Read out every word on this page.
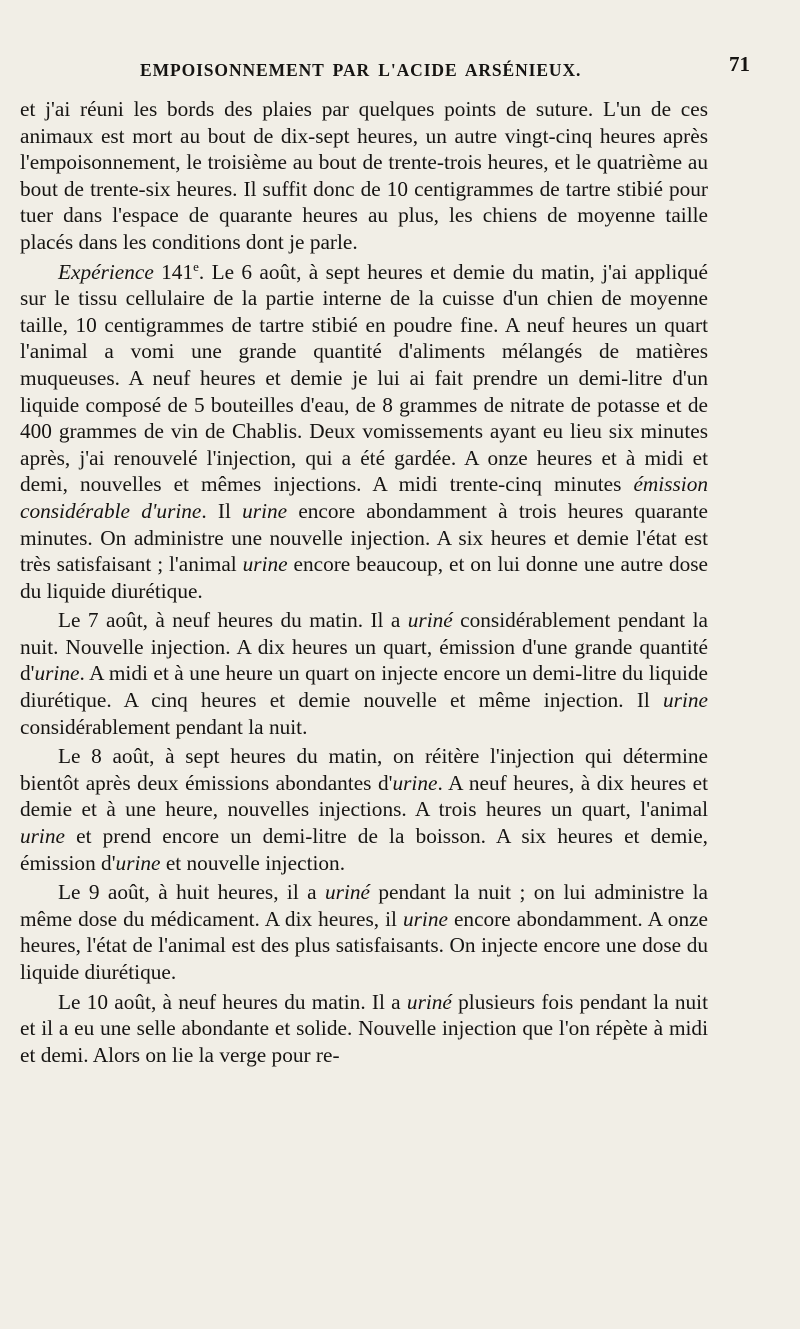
EMPOISONNEMENT PAR L'ACIDE ARSÉNIEUX.	71

et j'ai réuni les bords des plaies par quelques points de suture. L'un de ces animaux est mort au bout de dix-sept heures, un autre vingt-cinq heures après l'empoisonnement, le troisième au bout de trente-trois heures, et le quatrième au bout de trente-six heures. Il suffit donc de 10 centigrammes de tartre stibié pour tuer dans l'espace de quarante heures au plus, les chiens de moyenne taille placés dans les conditions dont je parle.

Expérience 141e. Le 6 août, à sept heures et demie du matin, j'ai appliqué sur le tissu cellulaire de la partie interne de la cuisse d'un chien de moyenne taille, 10 centigrammes de tartre stibié en poudre fine. A neuf heures un quart l'animal a vomi une grande quantité d'aliments mélangés de matières muqueuses. A neuf heures et demie je lui ai fait prendre un demi-litre d'un liquide composé de 5 bouteilles d'eau, de 8 grammes de nitrate de potasse et de 400 grammes de vin de Chablis. Deux vomissements ayant eu lieu six minutes après, j'ai renouvelé l'injection, qui a été gardée. A onze heures et à midi et demi, nouvelles et mêmes injections. A midi trente-cinq minutes émission considérable d'urine. Il urine encore abondamment à trois heures quarante minutes. On administre une nouvelle injection. A six heures et demie l'état est très satisfaisant ; l'animal urine encore beaucoup, et on lui donne une autre dose du liquide diurétique.

Le 7 août, à neuf heures du matin. Il a uriné considérablement pendant la nuit. Nouvelle injection. A dix heures un quart, émission d'une grande quantité d'urine. A midi et à une heure un quart on injecte encore un demi-litre du liquide diurétique. A cinq heures et demie nouvelle et même injection. Il urine considérablement pendant la nuit.

Le 8 août, à sept heures du matin, on réitère l'injection qui détermine bientôt après deux émissions abondantes d'urine. A neuf heures, à dix heures et demie et à une heure, nouvelles injections. A trois heures un quart, l'animal urine et prend encore un demi-litre de la boisson. A six heures et demie, émission d'urine et nouvelle injection.

Le 9 août, à huit heures, il a uriné pendant la nuit ; on lui administre la même dose du médicament. A dix heures, il urine encore abondamment. A onze heures, l'état de l'animal est des plus satisfaisants. On injecte encore une dose du liquide diurétique.

Le 10 août, à neuf heures du matin. Il a uriné plusieurs fois pendant la nuit et il a eu une selle abondante et solide. Nouvelle injection que l'on répète à midi et demi. Alors on lie la verge pour re-
